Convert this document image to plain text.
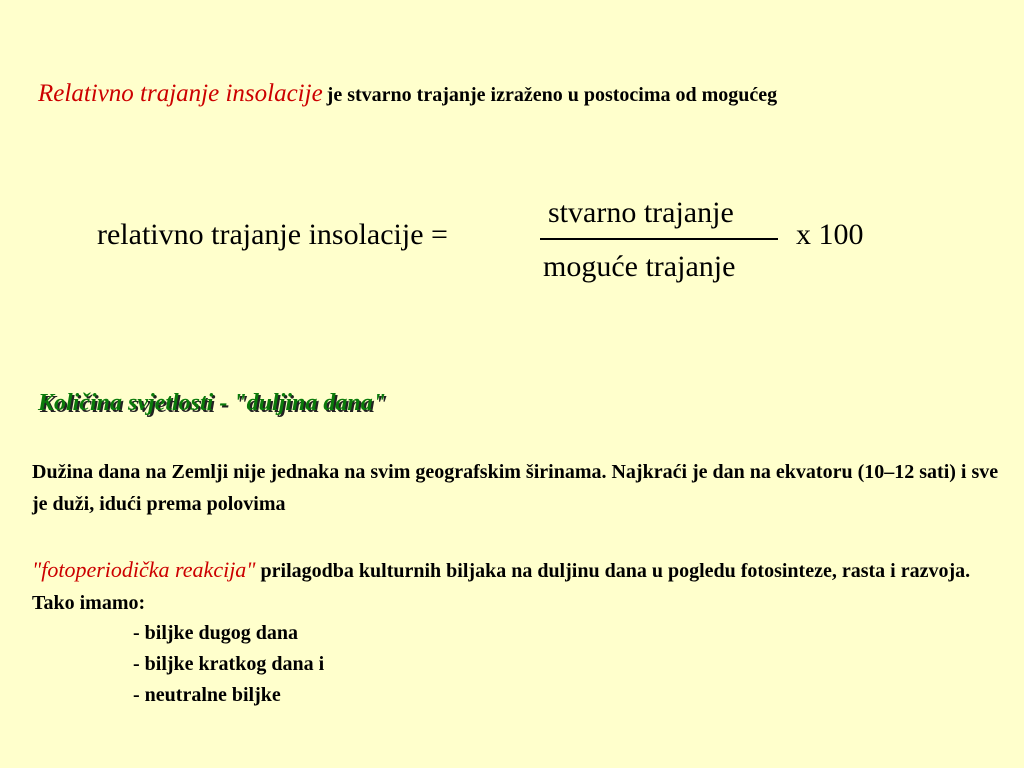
Relativno trajanje insolacije je stvarno trajanje izraženo u postocima od mogućeg
relativno trajanje insolacije =
stvarno trajanje
moguće trajanje
x 100
Količina svjetlosti - "duljina dana"
Dužina dana na Zemlji nije jednaka na svim geografskim širinama. Najkraći je dan na ekvatoru (10–12 sati) i sve je duži, idući prema polovima
"fotoperiodička reakcija" prilagodba kulturnih biljaka na duljinu dana u pogledu fotosinteze, rasta i razvoja. Tako imamo:
- biljke dugog dana
- biljke kratkog dana i
- neutralne biljke
